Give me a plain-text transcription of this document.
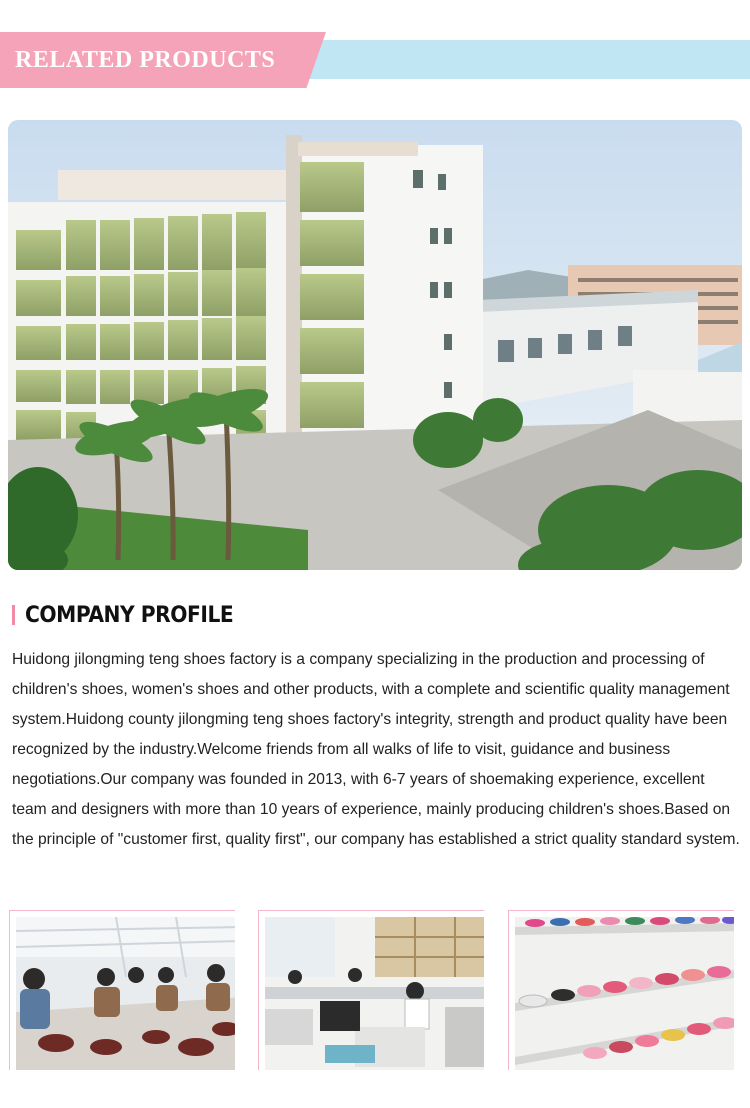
RELATED PRODUCTS
COMPANY PROFILE

Huidong jilongming teng shoes factory is a company specializing in the production and processing of children's shoes, women's shoes and other products, with a complete and scientific quality management system.Huidong county jilongming teng shoes factory's integrity, strength and product quality have been recognized by the industry.Welcome friends from all walks of life to visit, guidance and business negotiations.Our company was founded in 2013, with 6-7 years of shoemaking experience, excellent team and designers with more than 10 years of experience, mainly producing children's shoes.Based on the principle of "customer first, quality first", our company has established a strict quality standard system.
